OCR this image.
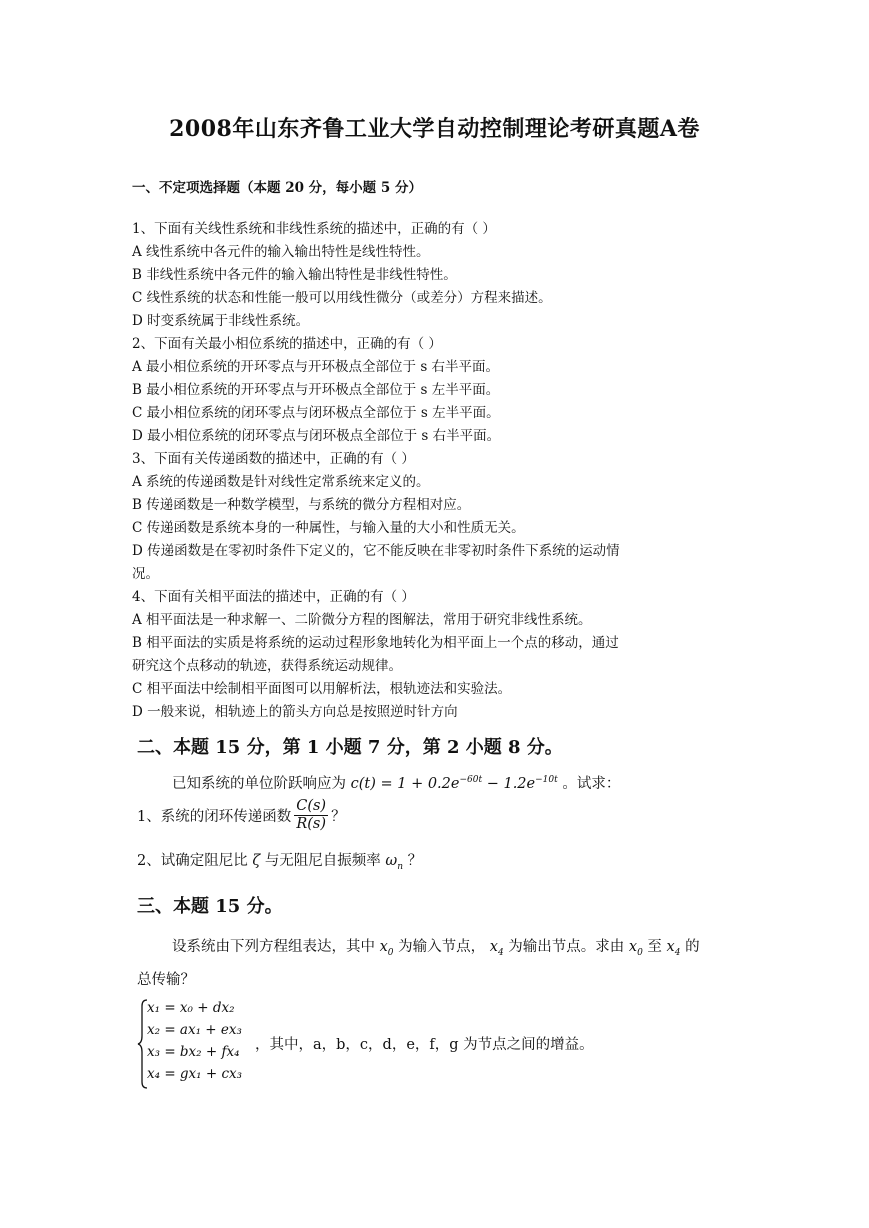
2008年山东齐鲁工业大学自动控制理论考研真题A卷
一、不定项选择题（本题 20 分，每小题 5 分）
1、下面有关线性系统和非线性系统的描述中，正确的有（ ）
A 线性系统中各元件的输入输出特性是线性特性。
B 非线性系统中各元件的输入输出特性是非线性特性。
C 线性系统的状态和性能一般可以用线性微分（或差分）方程来描述。
D 时变系统属于非线性系统。
2、下面有关最小相位系统的描述中，正确的有（ ）
A 最小相位系统的开环零点与开环极点全部位于 s 右半平面。
B 最小相位系统的开环零点与开环极点全部位于 s 左半平面。
C 最小相位系统的闭环零点与闭环极点全部位于 s 左半平面。
D 最小相位系统的闭环零点与闭环极点全部位于 s 右半平面。
3、下面有关传递函数的描述中，正确的有（ ）
A 系统的传递函数是针对线性定常系统来定义的。
B 传递函数是一种数学模型，与系统的微分方程相对应。
C 传递函数是系统本身的一种属性，与输入量的大小和性质无关。
D 传递函数是在零初时条件下定义的，它不能反映在非零初时条件下系统的运动情
况。
4、下面有关相平面法的描述中，正确的有（ ）
A 相平面法是一种求解一、二阶微分方程的图解法，常用于研究非线性系统。
B 相平面法的实质是将系统的运动过程形象地转化为相平面上一个点的移动，通过
研究这个点移动的轨迹，获得系统运动规律。
C 相平面法中绘制相平面图可以用解析法，根轨迹法和实验法。
D 一般来说，相轨迹上的箭头方向总是按照逆时针方向
二、本题 15 分，第 1 小题 7 分，第 2 小题 8 分。
已知系统的单位阶跃响应为 $c(t) = 1 + 0.2e^{-60t} - 1.2e^{-10t}$ 。试求：
1、系统的闭环传递函数 $\frac{C(s)}{R(s)}$ ？
2、试确定阻尼比 ζ 与无阻尼自振频率 $\omega_n$ ？
三、本题 15 分。
设系统由下列方程组表达，其中 $x_0$ 为输入节点， $x_4$ 为输出节点。求由 $x_0$ 至 $x_4$ 的
总传输？
x₁ = x₀ + dx₂
x₂ = ax₁ + ex₃
x₃ = bx₂ + fx₄
x₄ = gx₁ + cx₃
，其中，a，b，c，d，e，f，g 为节点之间的增益。
